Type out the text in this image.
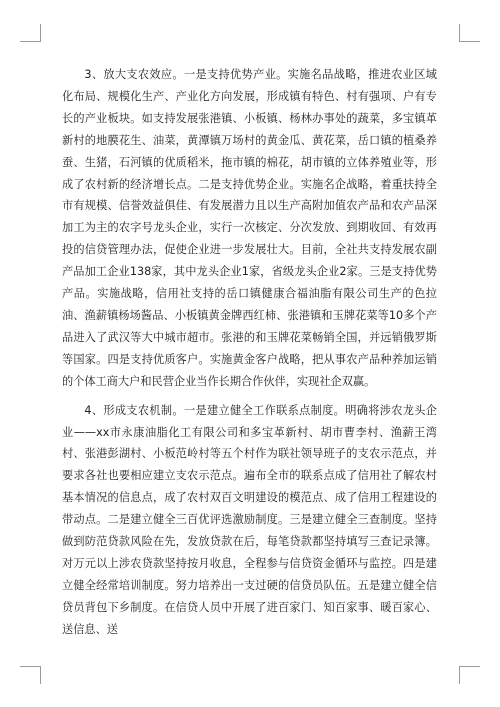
3、放大支农效应。一是支持优势产业。实施名品战略，推进农业区域化布局、规模化生产、产业化方向发展，形成镇有特色、村有强项、户有专长的产业板块。如支持发展张港镇、小板镇、杨林办事处的蔬菜，多宝镇革新村的地膜花生、油菜，黄潭镇万场村的黄金瓜、黄花菜，岳口镇的植桑养蚕、生猪，石河镇的优质稻米，拖市镇的棉花，胡市镇的立体养殖业等，形成了农村新的经济增长点。二是支持优势企业。实施名企战略，着重扶持全市有规模、信誉效益俱佳、有发展潜力且以生产高附加值农产品和农产品深加工为主的农字号龙头企业，实行一次核定、分次发放、到期收回、有效再投的信贷管理办法，促使企业进一步发展壮大。目前，全社共支持发展农副产品加工企业138家，其中龙头企业1家，省级龙头企业2家。三是支持优势产品。实施战略，信用社支持的岳口镇健康合福油脂有限公司生产的色拉油、渔薪镇杨场酱品、小板镇黄金牌西红柿、张港镇和玉牌花菜等10多个产品进入了武汉等大中城市超市。张港的和玉牌花菜畅销全国，并远销俄罗斯等国家。四是支持优质客户。实施黄金客户战略，把从事农产品种养加运销的个体工商大户和民营企业当作长期合作伙伴，实现社企双赢。

4、形成支农机制。一是建立健全工作联系点制度。明确将涉农龙头企业——xx市永康油脂化工有限公司和多宝革新村、胡市曹李村、渔薪王湾村、张港彭湖村、小板范岭村等五个村作为联社领导班子的支农示范点，并要求各社也要相应建立支农示范点。遍布全市的联系点成了信用社了解农村基本情况的信息点，成了农村双百文明建设的模范点、成了信用工程建设的带动点。二是建立健全三百优评选激励制度。三是建立健全三查制度。坚持做到防范贷款风险在先，发放贷款在后，每笔贷款都坚持填写三查记录簿。对万元以上涉农贷款坚持按月收息，全程参与信贷资金循环与监控。四是建立健全经常培训制度。努力培养出一支过硬的信贷员队伍。五是建立健全信贷员背包下乡制度。在信贷人员中开展了进百家门、知百家事、暖百家心、送信息、送
